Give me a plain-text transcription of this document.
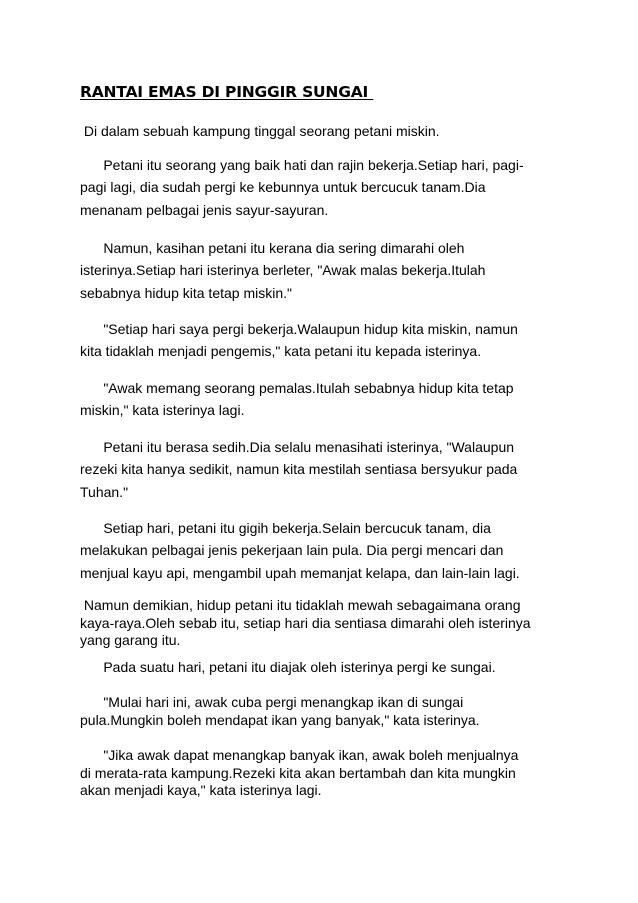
RANTAI EMAS DI PINGGIR SUNGAI
Di dalam sebuah kampung tinggal seorang petani miskin.
Petani itu seorang yang baik hati dan rajin bekerja.Setiap hari, pagi-
pagi lagi, dia sudah pergi ke kebunnya untuk bercucuk tanam.Dia
menanam pelbagai jenis sayur-sayuran.
Namun, kasihan petani itu kerana dia sering dimarahi oleh
isterinya.Setiap hari isterinya berleter, "Awak malas bekerja.Itulah
sebabnya hidup kita tetap miskin."
"Setiap hari saya pergi bekerja.Walaupun hidup kita miskin, namun
kita tidaklah menjadi pengemis," kata petani itu kepada isterinya.
"Awak memang seorang pemalas.Itulah sebabnya hidup kita tetap
miskin," kata isterinya lagi.
Petani itu berasa sedih.Dia selalu menasihati isterinya, "Walaupun
rezeki kita hanya sedikit, namun kita mestilah sentiasa bersyukur pada
Tuhan."
Setiap hari, petani itu gigih bekerja.Selain bercucuk tanam, dia
melakukan pelbagai jenis pekerjaan lain pula. Dia pergi mencari dan
menjual kayu api, mengambil upah memanjat kelapa, dan lain-lain lagi.
Namun demikian, hidup petani itu tidaklah mewah sebagaimana orang
kaya-raya.Oleh sebab itu, setiap hari dia sentiasa dimarahi oleh isterinya
yang garang itu.
Pada suatu hari, petani itu diajak oleh isterinya pergi ke sungai.
"Mulai hari ini, awak cuba pergi menangkap ikan di sungai
pula.Mungkin boleh mendapat ikan yang banyak," kata isterinya.
"Jika awak dapat menangkap banyak ikan, awak boleh menjualnya
di merata-rata kampung.Rezeki kita akan bertambah dan kita mungkin
akan menjadi kaya," kata isterinya lagi.
